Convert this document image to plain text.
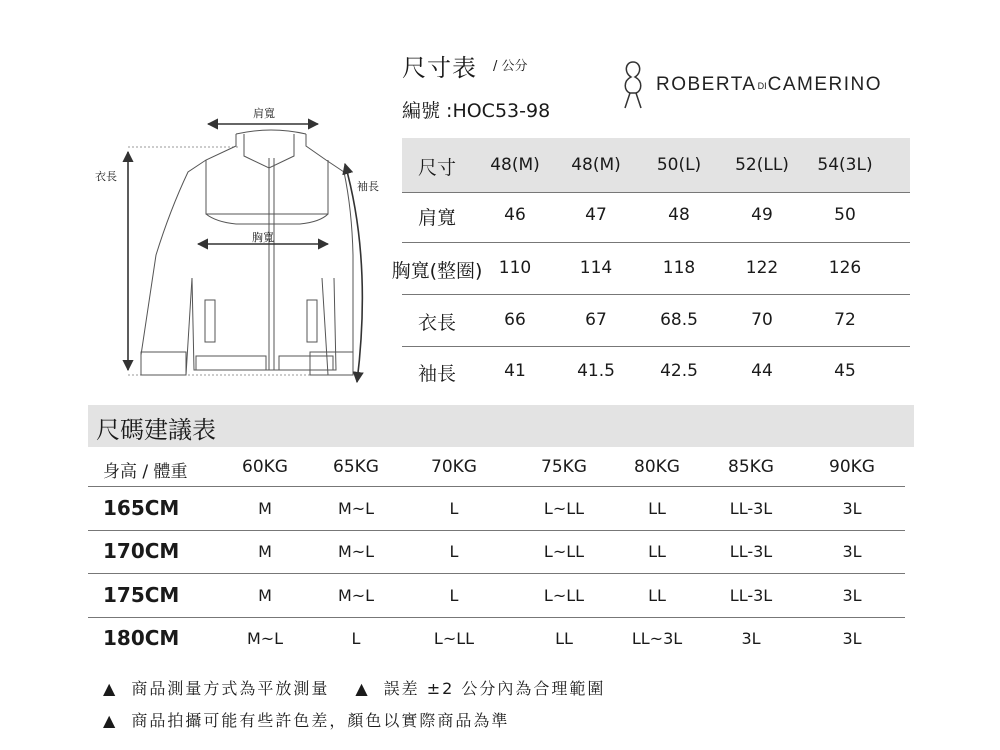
肩寬
胸寬
衣長
袖長
尺寸表 / 公分
編號 :HOC53-98
ROBERTADICAMERINO
尺寸 48(M) 48(M) 50(L) 52(LL) 54(3L)
肩寬	46	47	48	49	50
胸寬(整圈) 110	114	118	122	126
衣長	66	67	68.5	70	72
袖長	41	41.5	42.5	44	45
尺碼建議表
身高 / 體重	60KG	65KG	70KG	75KG	80KG	85KG	90KG
165CM	M	M~L	L	L~LL	LL	LL-3L	3L
170CM	M	M~L	L	L~LL	LL	LL-3L	3L
175CM	M	M~L	L	L~LL	LL	LL-3L	3L
180CM	M~L	L	L~LL	LL	LL~3L	3L	3L
▲ 商品測量方式為平放測量 ▲ 誤差 ±2 公分內為合理範圍
▲ 商品拍攝可能有些許色差，顏色以實際商品為準
